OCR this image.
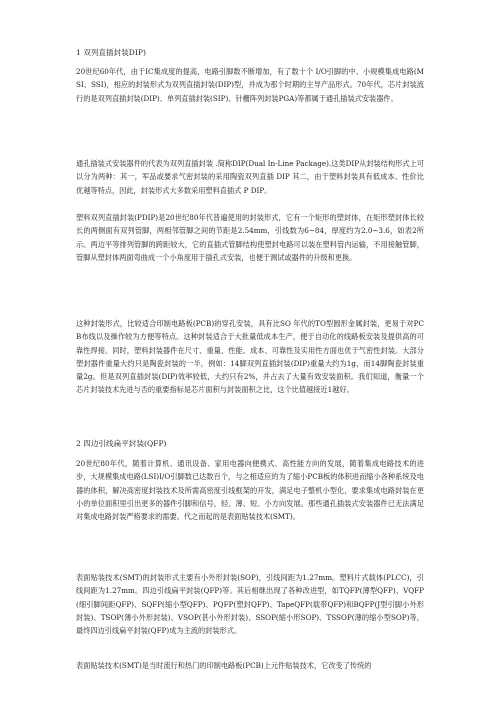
1 双列直插封装DIP)
20世纪60年代，由于IC集成度的提高，电路引脚数不断增加，有了数十个 I/O引脚的中、小规模集成电路(MSI、SSI)，相应的封装形式为双列直插封装(DIP)型，并成为那个时期的主导产品形式。70年代，芯片封装流行的是双列直插封装(DIP)、单列直插封装(SIP)、针栅阵列封装PGA)等都属于通孔插装式安装器件。
通孔插装式安装器件的代表为双列直插封装 .简称DIP(Dual In-Line Package).这类DIP从封装结构形式上可以分为两种：其一，军品或要求气密封装的采用陶瓷双列直插 DIP 其二，由于塑料封装具有低成本、性价比优越等特点，因此，封装形式大多数采用塑料直插式 P DIP。
塑料双列直插封装(PDIP)是20世纪80年代普遍使用的封装形式，它有一个矩形的塑封体，在矩形塑封体长较长的两侧面有双列管脚，两相邻管脚之间的节距是2.54mm，引线数为6~84，厚度约为2.0~3.6，如表2所示。两边平等排列管脚的跨距较大，它的直插式管脚结构使塑封电路可以装在塑料管内运输，不用接触管脚，管脚从塑封体两面弯曲成一个小角度用于插孔式安装，也便于测试或器件的升级和更换。
这种封装形式，比较适合印制电路板(PCB)的穿孔安装，具有比SO 年代的TO型圆形金属封装，更易于对PCB布线以及操作较为方便等特点。这种封装适合于大批量低成本生产，便于自动化的线路板安装及提供高的可靠性焊接。同时，塑料封装器件在尺寸、重量、性能、成本、可靠性及实用性方面也优于气密性封装。大部分塑封器件重量大约只是陶瓷封装的一半，例如：14脚双列直插封装(DIP)重量大约为1g，而14脚陶瓷封装重量2g。但是双列直插封装(DIP)效率较低，大约只有2%，并占去了大量有效安装面积。我们知道，衡量一个芯片封装技术先进与否的重要指标是芯片面积与封装面积之比，这个比值越接近1越好。
2 四边引线扁平封装(QFP)
20世纪80年代，随着计算机、通讯设备、家用电器向便携式、高性能方向的发展，随着集成电路技术的进步，大规模集成电路(LSI)I/O引脚数已达数百个，与之相适应的为了缩小PCB板的体积进而缩小各种系统及电器的体积，解决高密度封装技术及所需高密度引线框架的开发，满足电子整机小型化，要求集成电路封装在更小的单位面积里引出更多的器件引脚和信号，轻、薄、短、小方向发展。那些通孔插装式安装器件已无法满足对集成电路封装严格要求的需要。代之而起的是表面贴装技术(SMT)。
表面贴装技术(SMT)的封装形式主要有小外形封装(SOP)，引线间距为1.27mm。塑料片式载体(PLCC)，引线间距为1.27mm。四边引线扁平封装(QFP)等。其后相继出现了各种改进型，如TQFP(薄型QFP)、VQFP(细引脚间距QFP)、SQFP(缩小型QFP)、PQFP(塑封QFP)、TapeQFP(载带QFP)和BQFP(J型引脚小外形封装)、TSOP(薄小外形封装)、VSOP(甚小外形封装)、SSOP(缩小形SOP)、TSSOP(薄的缩小型SOP)等，最终四边引线扁平封装(QFP)成为主流的封装形式。
表面贴装技术(SMT)是当时流行和热门的印制电路板(PCB)上元件贴装技术，它改变了传统的
